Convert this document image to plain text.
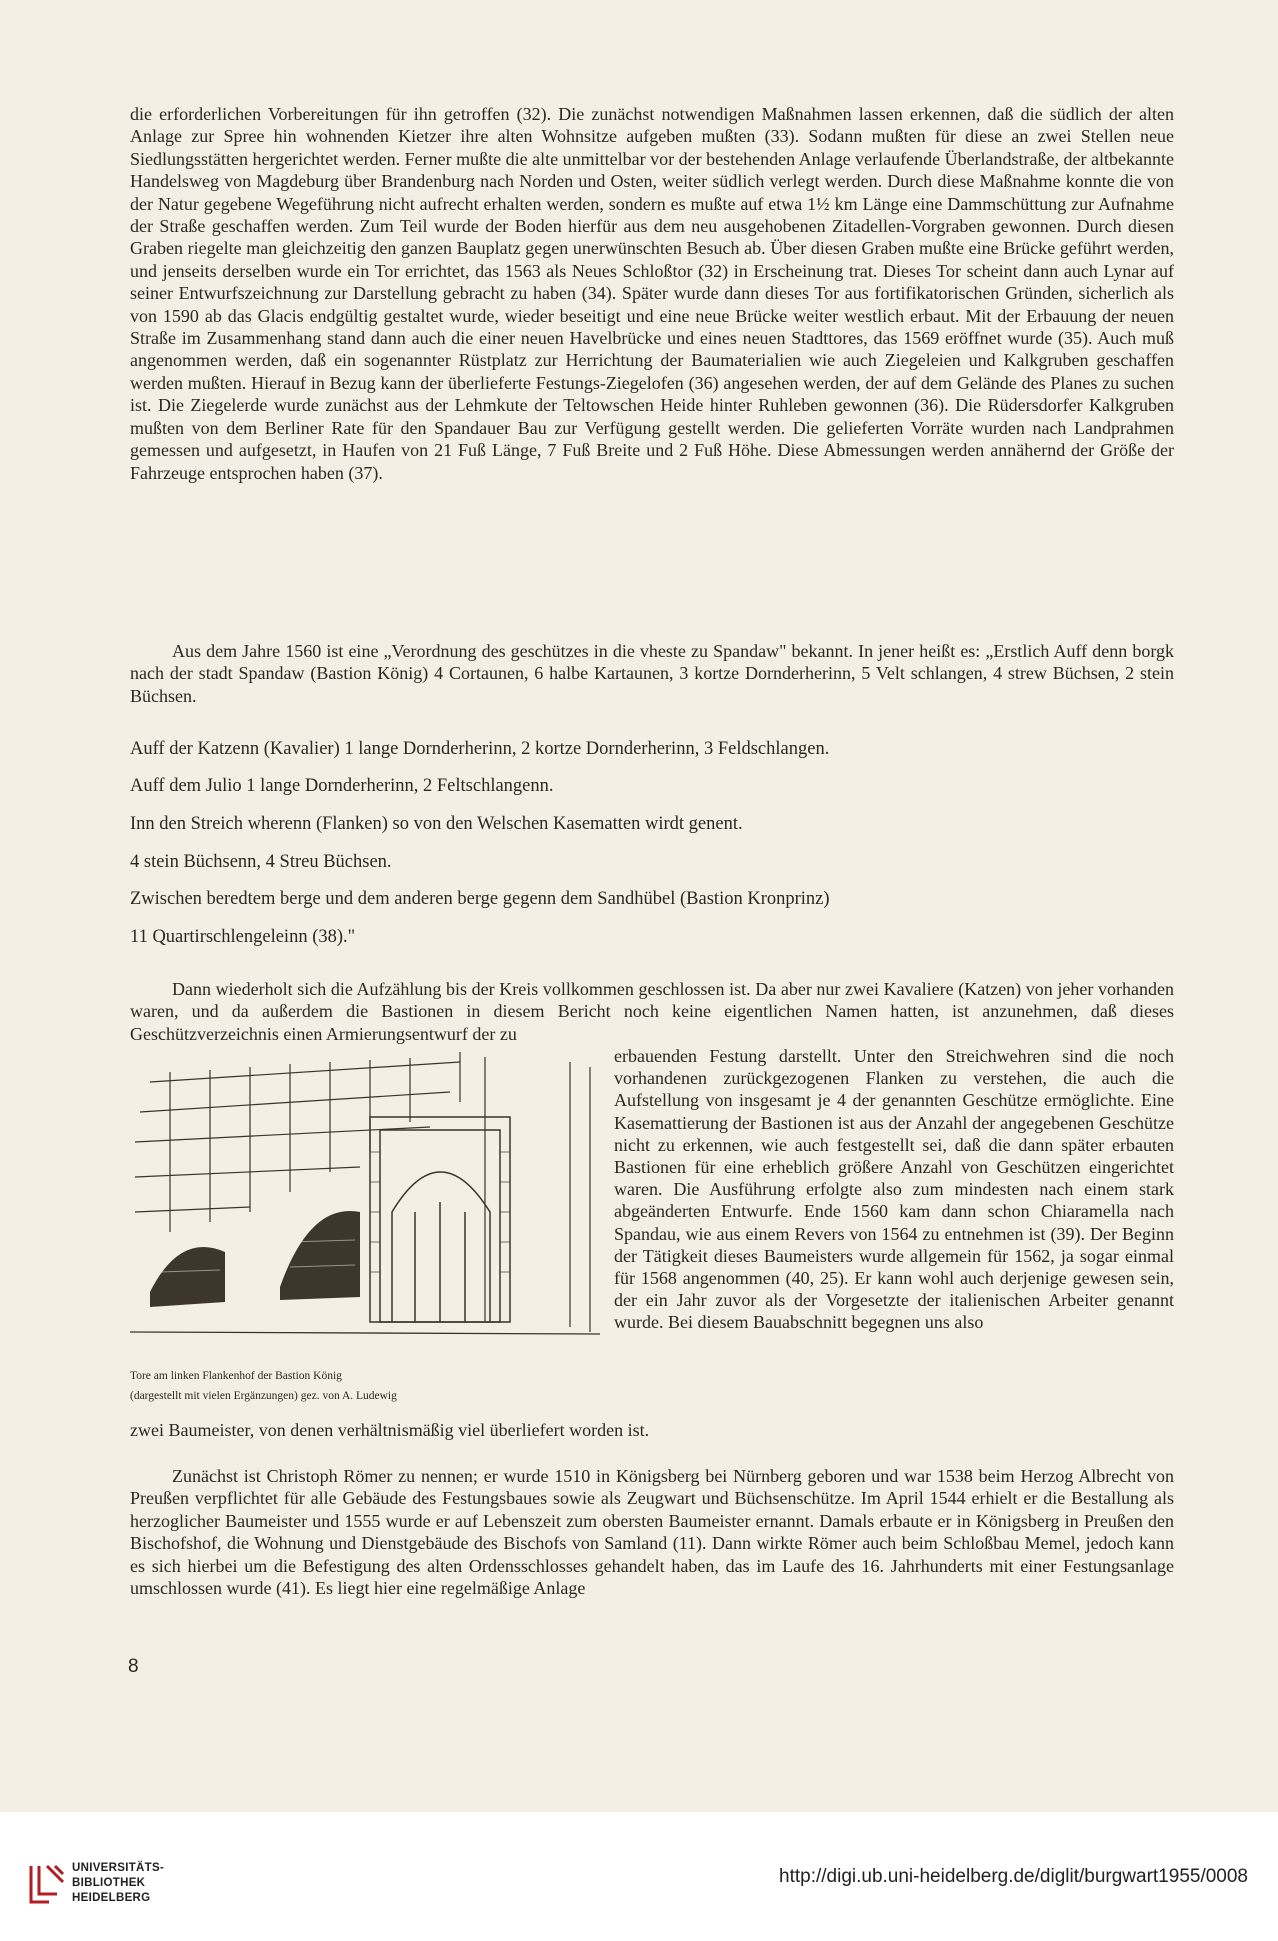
die erforderlichen Vorbereitungen für ihn getroffen (32). Die zunächst notwendigen Maßnahmen lassen erkennen, daß die südlich der alten Anlage zur Spree hin wohnenden Kietzer ihre alten Wohnsitze aufgeben mußten (33). Sodann mußten für diese an zwei Stellen neue Siedlungsstätten hergerichtet werden. Ferner mußte die alte unmittelbar vor der bestehenden Anlage verlaufende Überlandstraße, der altbekannte Handelsweg von Magdeburg über Brandenburg nach Norden und Osten, weiter südlich verlegt werden. Durch diese Maßnahme konnte die von der Natur gegebene Wegeführung nicht aufrecht erhalten werden, sondern es mußte auf etwa 1½ km Länge eine Dammschüttung zur Aufnahme der Straße geschaffen werden. Zum Teil wurde der Boden hierfür aus dem neu ausgehobenen Zitadellen-Vorgraben gewonnen. Durch diesen Graben riegelte man gleichzeitig den ganzen Bauplatz gegen unerwünschten Besuch ab. Über diesen Graben mußte eine Brücke geführt werden, und jenseits derselben wurde ein Tor errichtet, das 1563 als Neues Schloßtor (32) in Erscheinung trat. Dieses Tor scheint dann auch Lynar auf seiner Entwurfszeichnung zur Darstellung gebracht zu haben (34). Später wurde dann dieses Tor aus fortifikatorischen Gründen, sicherlich als von 1590 ab das Glacis endgültig gestaltet wurde, wieder beseitigt und eine neue Brücke weiter westlich erbaut. Mit der Erbauung der neuen Straße im Zusammenhang stand dann auch die einer neuen Havelbrücke und eines neuen Stadttores, das 1569 eröffnet wurde (35). Auch muß angenommen werden, daß ein sogenannter Rüstplatz zur Herrichtung der Baumaterialien wie auch Ziegeleien und Kalkgruben geschaffen werden mußten. Hierauf in Bezug kann der überlieferte Festungs-Ziegelofen (36) angesehen werden, der auf dem Gelände des Planes zu suchen ist. Die Ziegelerde wurde zunächst aus der Lehmkute der Teltowschen Heide hinter Ruhleben gewonnen (36). Die Rüdersdorfer Kalkgruben mußten von dem Berliner Rate für den Spandauer Bau zur Verfügung gestellt werden. Die gelieferten Vorräte wurden nach Landprahmen gemessen und aufgesetzt, in Haufen von 21 Fuß Länge, 7 Fuß Breite und 2 Fuß Höhe. Diese Abmessungen werden annähernd der Größe der Fahrzeuge entsprochen haben (37).

Aus dem Jahre 1560 ist eine „Verordnung des geschützes in die vheste zu Spandaw" bekannt. In jener heißt es: „Erstlich Auff denn borgk nach der stadt Spandaw (Bastion König) 4 Cortaunen, 6 halbe Kartaunen, 3 kortze Dornderherinn, 5 Velt schlangen, 4 strew Büchsen, 2 stein Büchsen.

Auff der Katzenn (Kavalier) 1 lange Dornderherinn, 2 kortze Dornderherinn, 3 Feldschlangen.

Auff dem Julio 1 lange Dornderherinn, 2 Feltschlangenn.

Inn den Streich wherenn (Flanken) so von den Welschen Kasematten wirdt genent.

4 stein Büchsenn, 4 Streu Büchsen.

Zwischen beredtem berge und dem anderen berge gegenn dem Sandhübel (Bastion Kronprinz)

11 Quartirschlengeleinn (38)."

Dann wiederholt sich die Aufzählung bis der Kreis vollkommen geschlossen ist. Da aber nur zwei Kavaliere (Katzen) von jeher vorhanden waren, und da außerdem die Bastionen in diesem Bericht noch keine eigentlichen Namen hatten, ist anzunehmen, daß dieses Geschützverzeichnis einen Armierungsentwurf der zu

Tore am linken Flankenhof der Bastion König
(dargestellt mit vielen Ergänzungen) gez. von A. Ludewig

erbauenden Festung darstellt. Unter den Streichwehren sind die noch vorhandenen zurückgezogenen Flanken zu verstehen, die auch die Aufstellung von insgesamt je 4 der genannten Geschütze ermöglichte. Eine Kasemattierung der Bastionen ist aus der Anzahl der angegebenen Geschütze nicht zu erkennen, wie auch festgestellt sei, daß die dann später erbauten Bastionen für eine erheblich größere Anzahl von Geschützen eingerichtet waren. Die Ausführung erfolgte also zum mindesten nach einem stark abgeänderten Entwurfe. Ende 1560 kam dann schon Chiaramella nach Spandau, wie aus einem Revers von 1564 zu entnehmen ist (39). Der Beginn der Tätigkeit dieses Baumeisters wurde allgemein für 1562, ja sogar einmal für 1568 angenommen (40, 25). Er kann wohl auch derjenige gewesen sein, der ein Jahr zuvor als der Vorgesetzte der italienischen Arbeiter genannt wurde. Bei diesem Bauabschnitt begegnen uns also

zwei Baumeister, von denen verhältnismäßig viel überliefert worden ist.

Zunächst ist Christoph Römer zu nennen; er wurde 1510 in Königsberg bei Nürnberg geboren und war 1538 beim Herzog Albrecht von Preußen verpflichtet für alle Gebäude des Festungsbaues sowie als Zeugwart und Büchsenschütze. Im April 1544 erhielt er die Bestallung als herzoglicher Baumeister und 1555 wurde er auf Lebenszeit zum obersten Baumeister ernannt. Damals erbaute er in Königsberg in Preußen den Bischofshof, die Wohnung und Dienstgebäude des Bischofs von Samland (11). Dann wirkte Römer auch beim Schloßbau Memel, jedoch kann es sich hierbei um die Befestigung des alten Ordensschlosses gehandelt haben, das im Laufe des 16. Jahrhunderts mit einer Festungsanlage umschlossen wurde (41). Es liegt hier eine regelmäßige Anlage

8
UNIVERSITÄTS-
BIBLIOTHEK
HEIDELBERG
http://digi.ub.uni-heidelberg.de/diglit/burgwart1955/0008
